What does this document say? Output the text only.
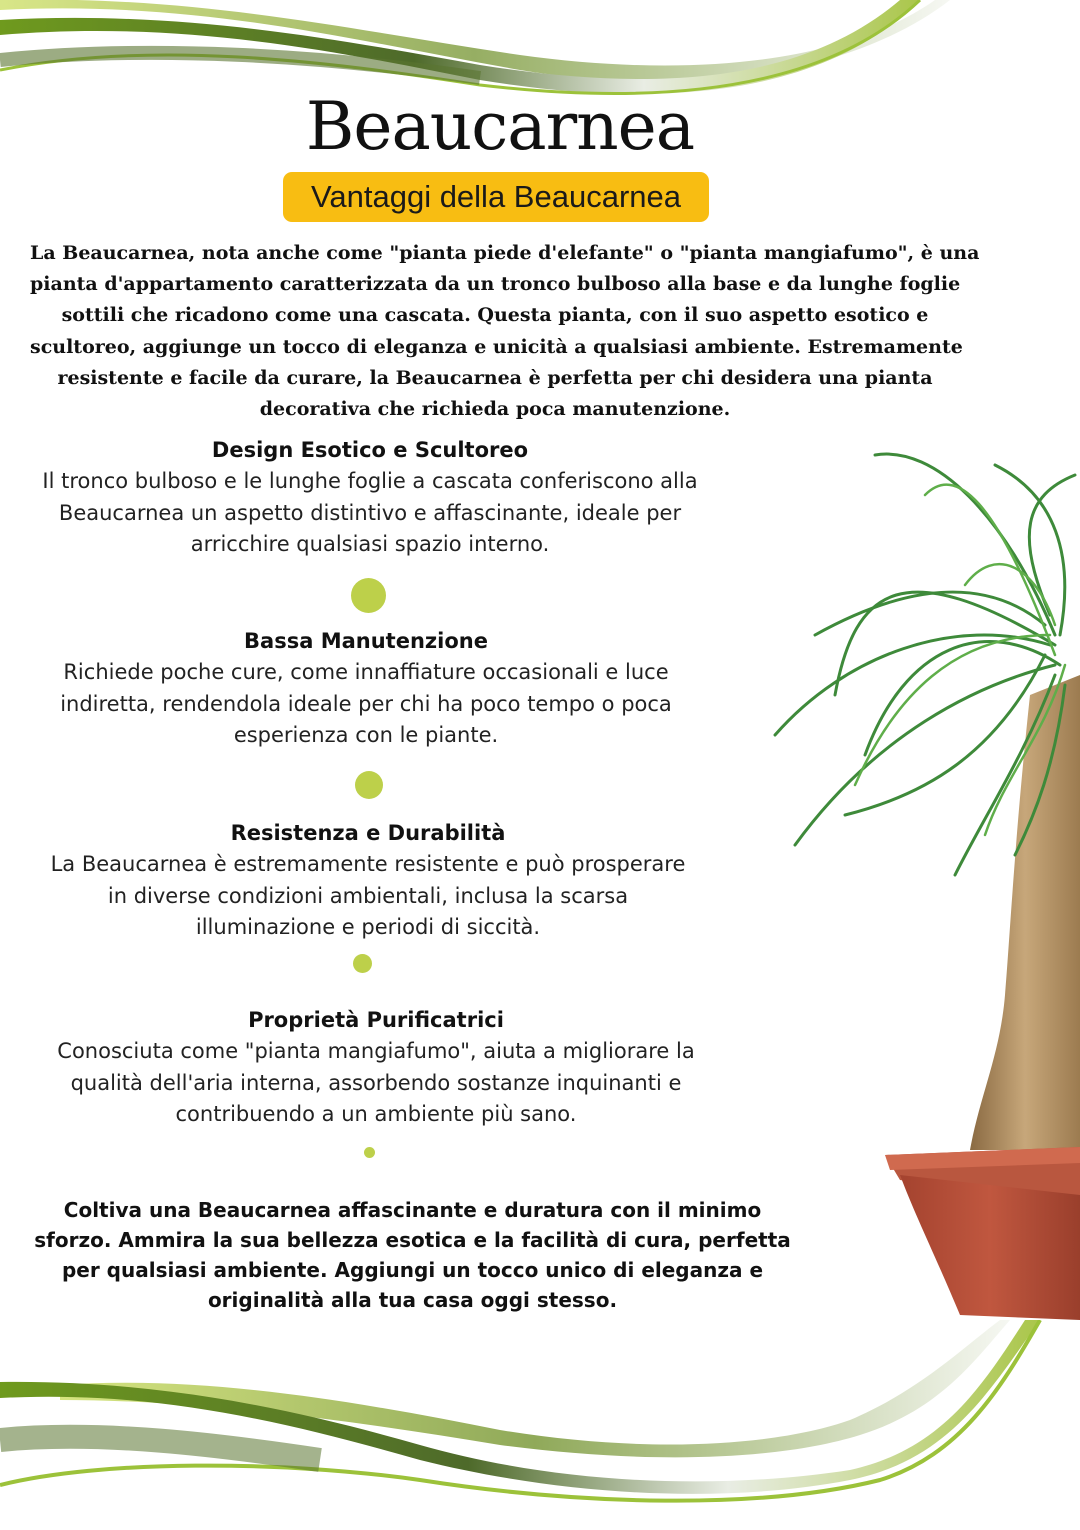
Beaucarnea
Vantaggi della Beaucarnea
La Beaucarnea, nota anche come "pianta piede d'elefante" o "pianta mangiafumo", è una
pianta d'appartamento caratterizzata da un tronco bulboso alla base e da lunghe foglie
sottili che ricadono come una cascata. Questa pianta, con il suo aspetto esotico e
scultoreo, aggiunge un tocco di eleganza e unicità a qualsiasi ambiente. Estremamente
resistente e facile da curare, la Beaucarnea è perfetta per chi desidera una pianta
decorativa che richieda poca manutenzione.
Design Esotico e Scultoreo
Il tronco bulboso e le lunghe foglie a cascata conferiscono alla
Beaucarnea un aspetto distintivo e affascinante, ideale per
arricchire qualsiasi spazio interno.
Bassa Manutenzione
Richiede poche cure, come innaffiature occasionali e luce
indiretta, rendendola ideale per chi ha poco tempo o poca
esperienza con le piante.
Resistenza e Durabilità
La Beaucarnea è estremamente resistente e può prosperare
in diverse condizioni ambientali, inclusa la scarsa
illuminazione e periodi di siccità.
Proprietà Purificatrici
Conosciuta come "pianta mangiafumo", aiuta a migliorare la
qualità dell'aria interna, assorbendo sostanze inquinanti e
contribuendo a un ambiente più sano.
Coltiva una Beaucarnea affascinante e duratura con il minimo
sforzo. Ammira la sua bellezza esotica e la facilità di cura, perfetta
per qualsiasi ambiente. Aggiungi un tocco unico di eleganza e
originalità alla tua casa oggi stesso.
